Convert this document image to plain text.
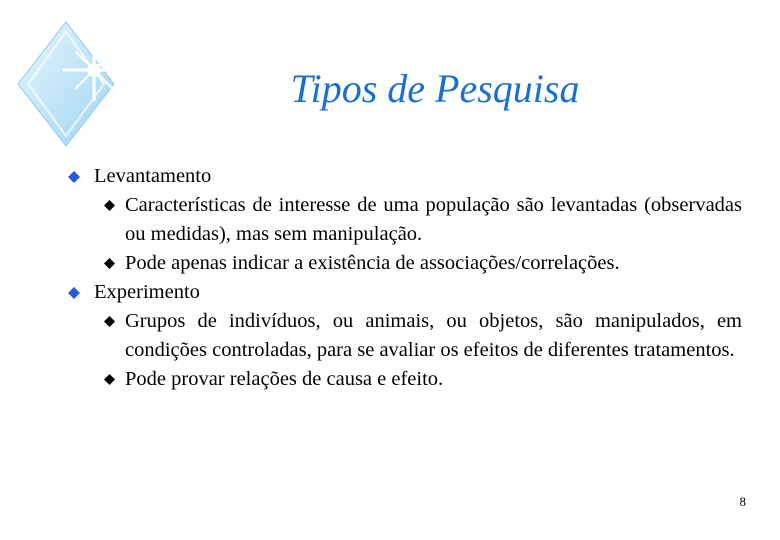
Tipos de Pesquisa
Levantamento
Características de interesse de uma população são levantadas (observadas ou medidas), mas sem manipulação.
Pode apenas indicar a existência de associações/correlações.
Experimento
Grupos de indivíduos, ou animais, ou objetos, são manipulados, em condições controladas, para se avaliar os efeitos de diferentes tratamentos.
Pode provar relações de causa e efeito.
8
